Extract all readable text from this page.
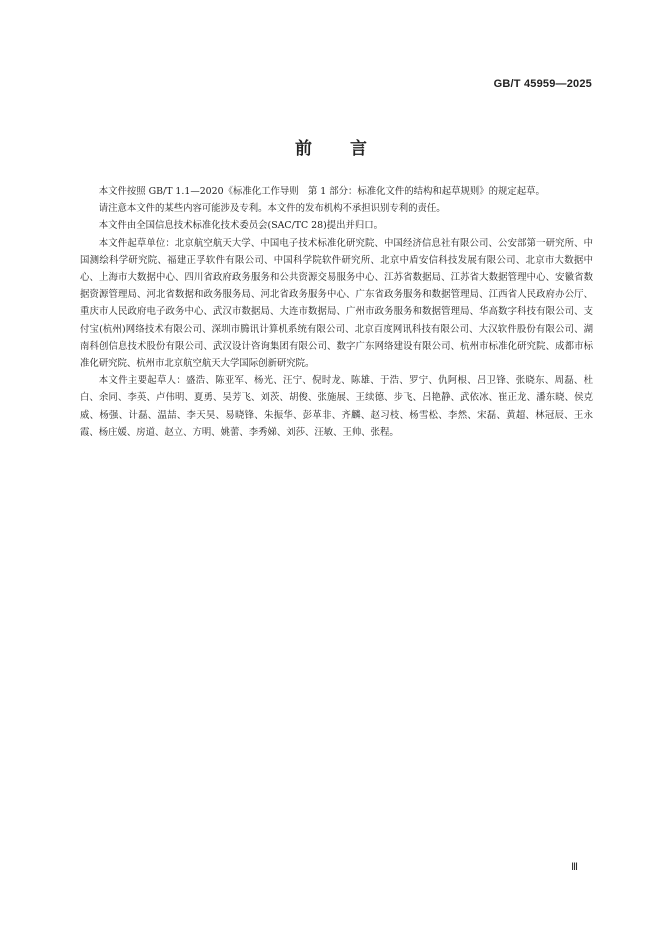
GB/T 45959—2025
前言

本文件按照 GB/T 1.1—2020《标准化工作导则　第 1 部分：标准化文件的结构和起草规则》的规定起草。

请注意本文件的某些内容可能涉及专利。本文件的发布机构不承担识别专利的责任。

本文件由全国信息技术标准化技术委员会(SAC/TC 28)提出并归口。

本文件起草单位：北京航空航天大学、中国电子技术标准化研究院、中国经济信息社有限公司、公安部第一研究所、中国测绘科学研究院、福建正孚软件有限公司、中国科学院软件研究所、北京中盾安信科技发展有限公司、北京市大数据中心、上海市大数据中心、四川省政府政务服务和公共资源交易服务中心、江苏省数据局、江苏省大数据管理中心、安徽省数据资源管理局、河北省数据和政务服务局、河北省政务服务中心、广东省政务服务和数据管理局、江西省人民政府办公厅、重庆市人民政府电子政务中心、武汉市数据局、大连市数据局、广州市政务服务和数据管理局、华高数字科技有限公司、支付宝(杭州)网络技术有限公司、深圳市腾讯计算机系统有限公司、北京百度网讯科技有限公司、大汉软件股份有限公司、湖南科创信息技术股份有限公司、武汉设计咨询集团有限公司、数字广东网络建设有限公司、杭州市标准化研究院、成都市标准化研究院、杭州市北京航空航天大学国际创新研究院。

本文件主要起草人：盛浩、陈亚军、杨光、汪宁、倪时龙、陈雄、于浩、罗宁、仇阿根、吕卫锋、张晓东、周磊、杜白、余同、李英、卢伟明、夏勇、吴芳飞、刘茨、胡俊、张施展、王续德、步飞、吕艳静、武依冰、崔正龙、潘东晓、侯克威、杨强、计磊、温喆、李天昊、易晓锋、朱振华、彭革非、齐麟、赵习枝、杨雪松、李然、宋磊、黄超、林冠辰、王永霞、杨庄媛、房道、赵立、方明、姚蕾、李秀娣、刘莎、汪敏、王帅、张程。

Ⅲ
